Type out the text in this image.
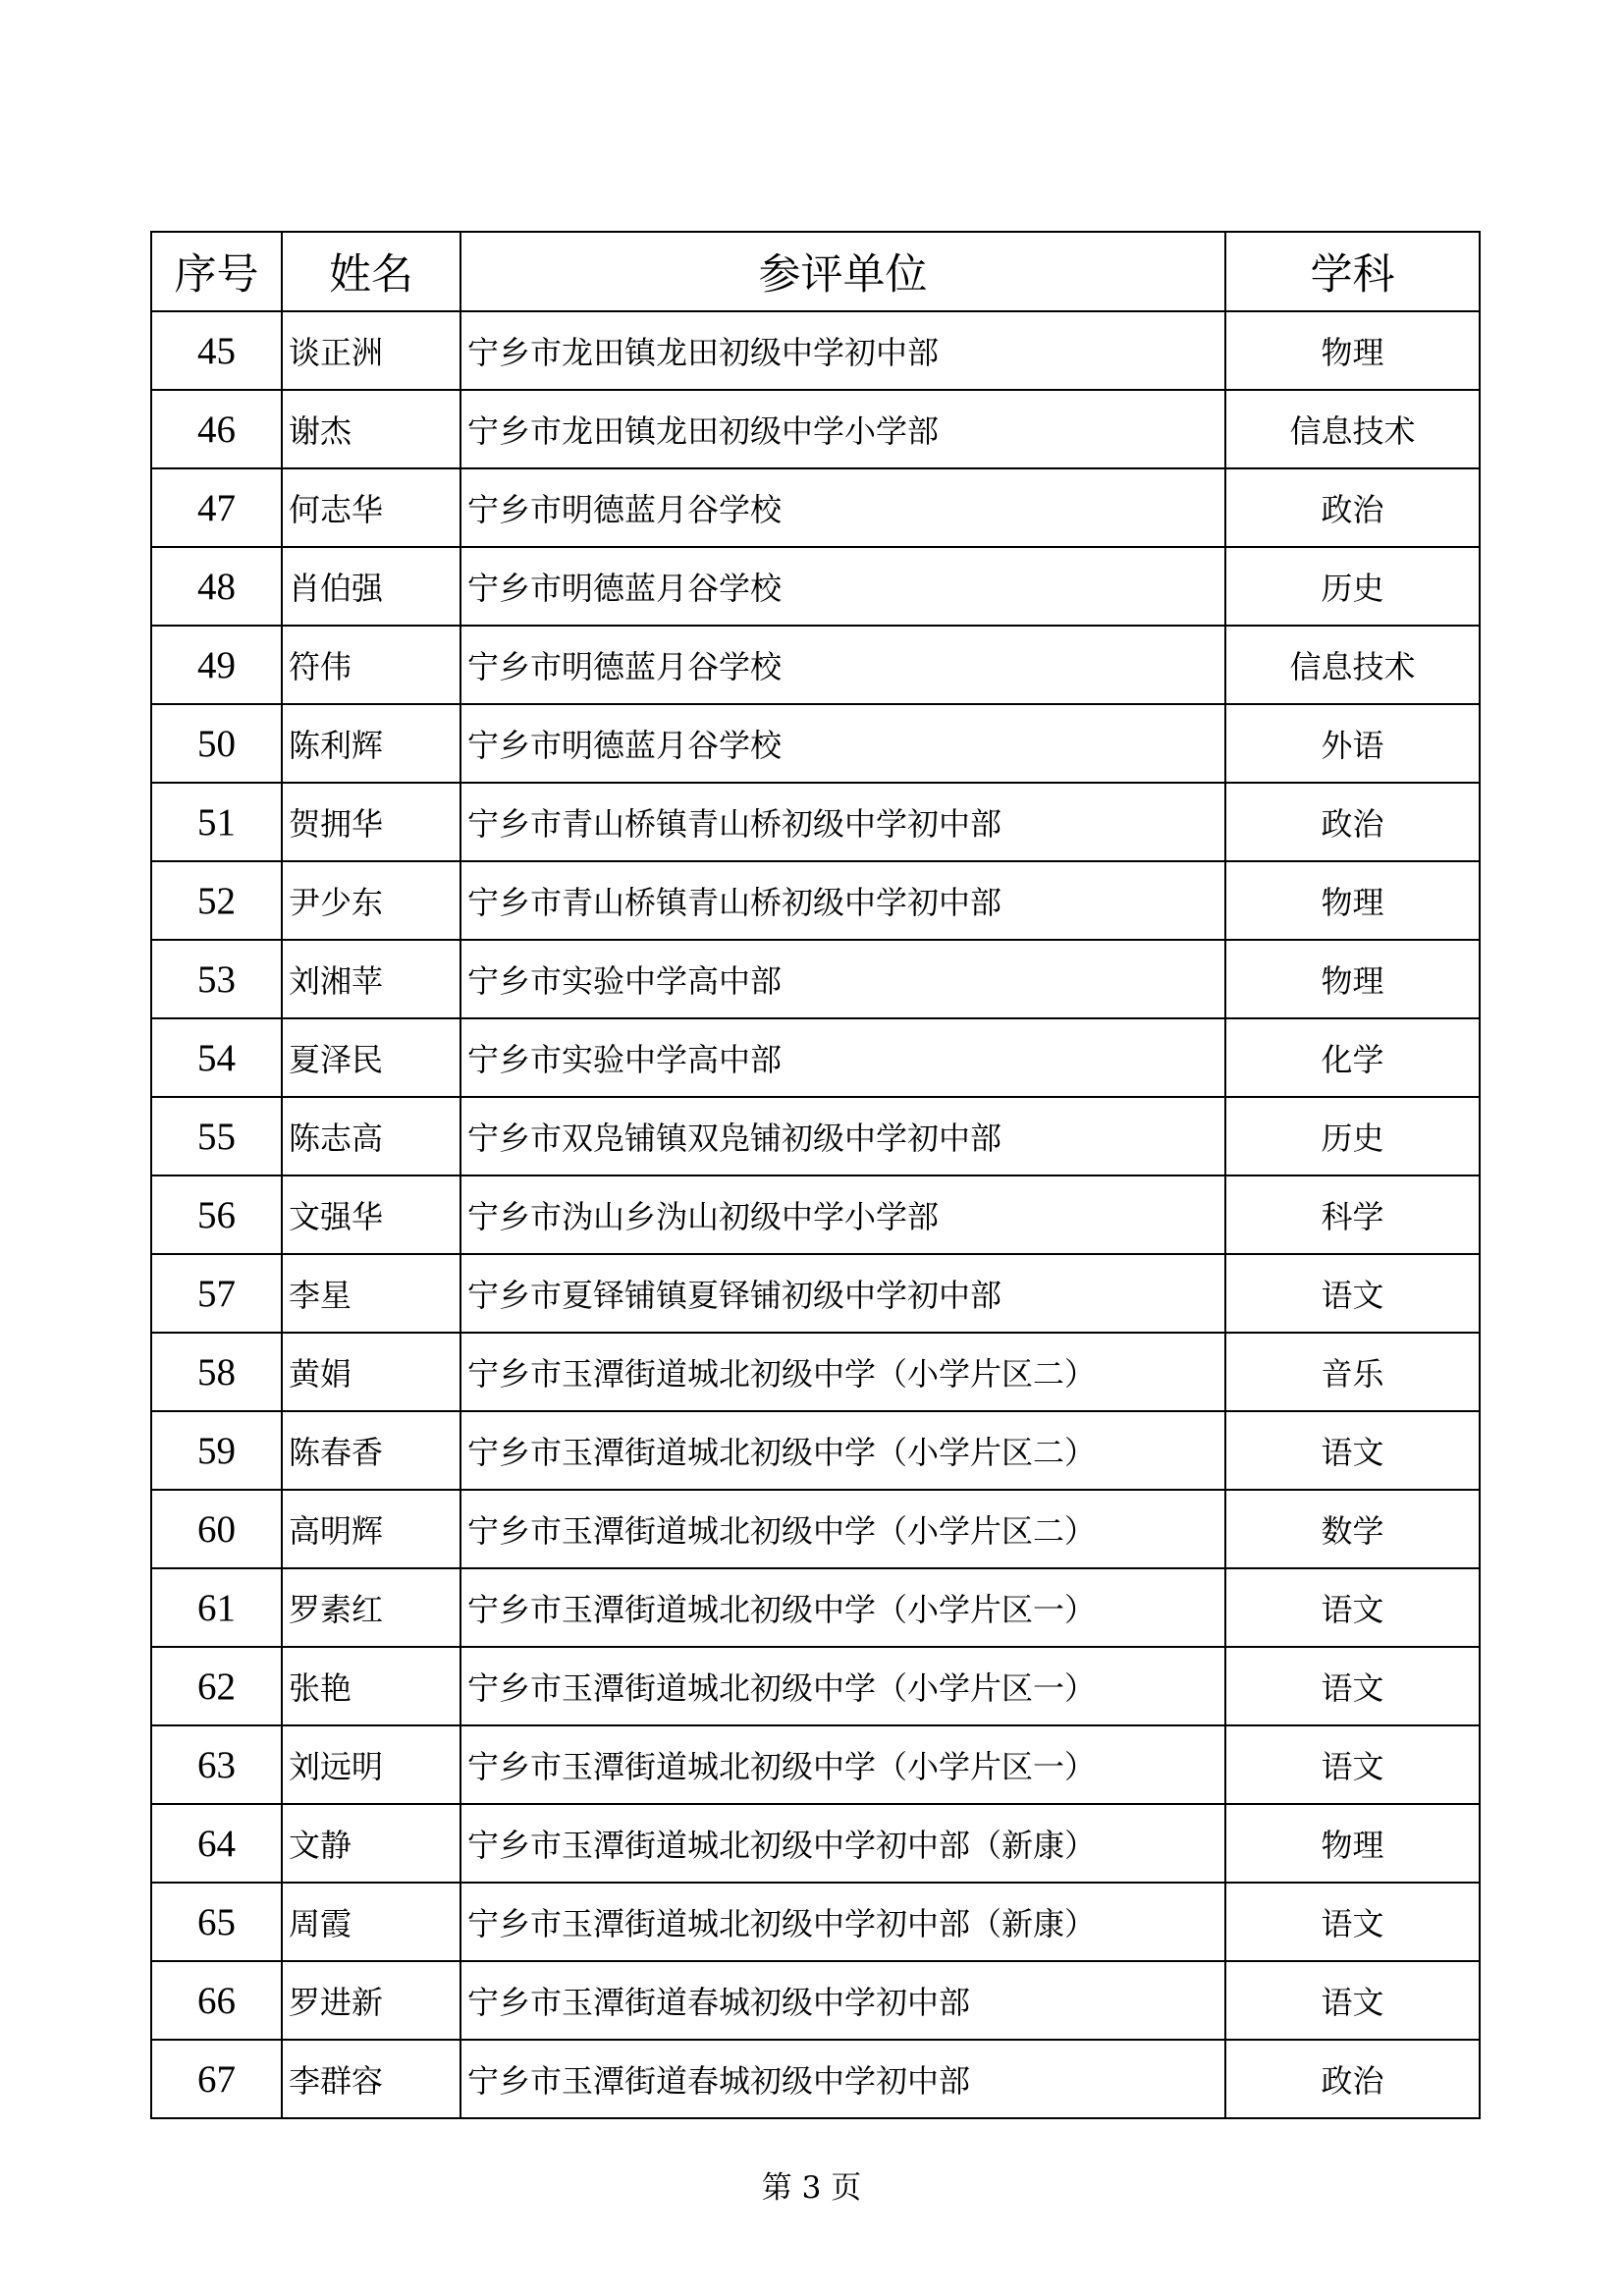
序号	姓名	参评单位	学科
45	谈正洲	宁乡市龙田镇龙田初级中学初中部	物理
46	谢杰	宁乡市龙田镇龙田初级中学小学部	信息技术
47	何志华	宁乡市明德蓝月谷学校	政治
48	肖伯强	宁乡市明德蓝月谷学校	历史
49	符伟	宁乡市明德蓝月谷学校	信息技术
50	陈利辉	宁乡市明德蓝月谷学校	外语
51	贺拥华	宁乡市青山桥镇青山桥初级中学初中部	政治
52	尹少东	宁乡市青山桥镇青山桥初级中学初中部	物理
53	刘湘苹	宁乡市实验中学高中部	物理
54	夏泽民	宁乡市实验中学高中部	化学
55	陈志高	宁乡市双凫铺镇双凫铺初级中学初中部	历史
56	文强华	宁乡市沩山乡沩山初级中学小学部	科学
57	李星	宁乡市夏铎铺镇夏铎铺初级中学初中部	语文
58	黄娟	宁乡市玉潭街道城北初级中学（小学片区二）	音乐
59	陈春香	宁乡市玉潭街道城北初级中学（小学片区二）	语文
60	高明辉	宁乡市玉潭街道城北初级中学（小学片区二）	数学
61	罗素红	宁乡市玉潭街道城北初级中学（小学片区一）	语文
62	张艳	宁乡市玉潭街道城北初级中学（小学片区一）	语文
63	刘远明	宁乡市玉潭街道城北初级中学（小学片区一）	语文
64	文静	宁乡市玉潭街道城北初级中学初中部（新康）	物理
65	周霞	宁乡市玉潭街道城北初级中学初中部（新康）	语文
66	罗进新	宁乡市玉潭街道春城初级中学初中部	语文
67	李群容	宁乡市玉潭街道春城初级中学初中部	政治
第 3 页
